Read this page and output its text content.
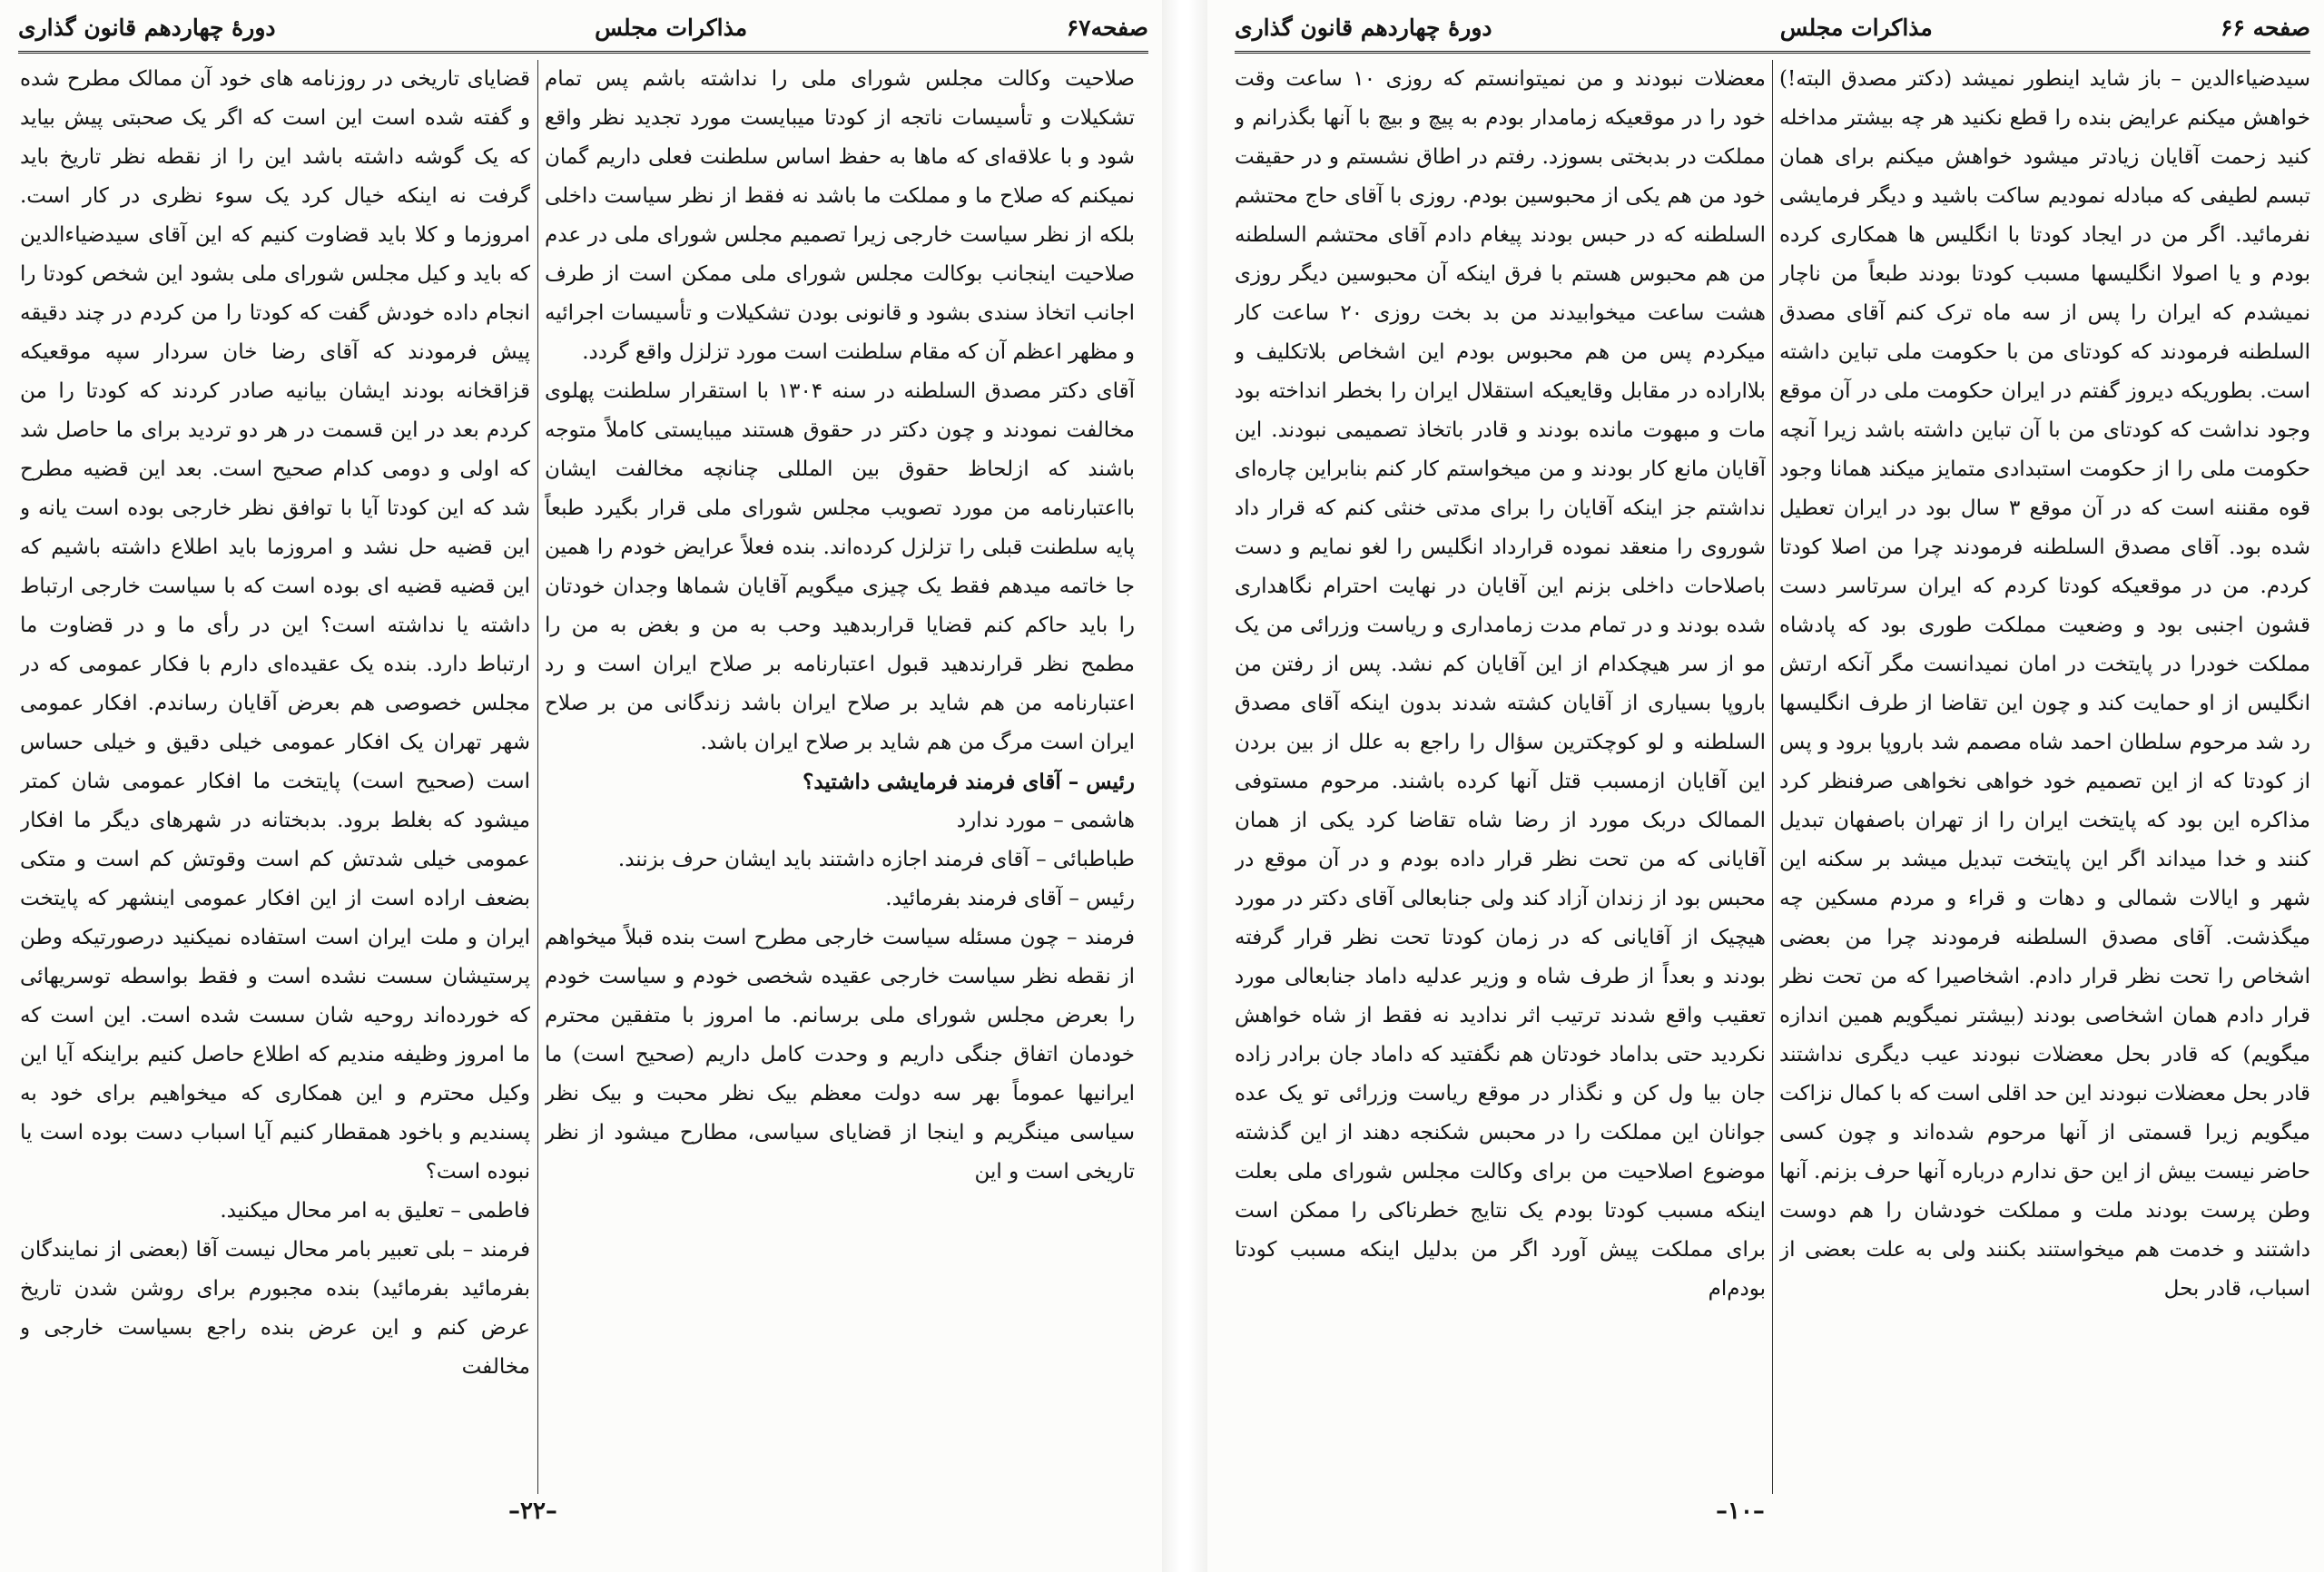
دورهٔ چهاردهم قانون گذاری	مذاکرات مجلس	صفحه۶۷

صلاحیت وکالت مجلس شورای ملی را نداشته باشم پس تمام تشکیلات و تأسیسات ناتجه از کودتا میبایست مورد تجدید نظر واقع شود و با علاقه‌ای که ماها به حفظ اساس سلطنت فعلی داریم گمان نمیکنم که صلاح ما و مملکت ما باشد نه فقط از نظر سیاست داخلی بلکه از نظر سیاست خارجی زیرا تصمیم مجلس شورای ملی در عدم صلاحیت اینجانب بوکالت مجلس شورای ملی ممکن است از طرف اجانب اتخاذ سندی بشود و قانونی بودن تشکیلات و تأسیسات اجرائیه و مظهر اعظم آن که مقام سلطنت است مورد تزلزل واقع گردد.

آقای دکتر مصدق السلطنه در سنه ۱۳۰۴ با استقرار سلطنت پهلوی مخالفت نمودند و چون دکتر در حقوق هستند میبایستی کاملاً متوجه باشند که ازلحاظ حقوق بین المللی چنانچه مخالفت ایشان بااعتبارنامه من مورد تصویب مجلس شورای ملی قرار بگیرد طبعاً پایه سلطنت قبلی را تزلزل کرده‌اند. بنده فعلاً عرایض خودم را همین جا خاتمه میدهم فقط یک چیزی میگویم آقایان شماها وجدان خودتان را باید حاکم کنم قضایا قراربدهید وحب به من و بغض به من را مطمح نظر قرارندهید قبول اعتبارنامه بر صلاح ایران است و رد اعتبارنامه من هم شاید بر صلاح ایران باشد زندگانی من بر صلاح ایران است مرگ من هم شاید بر صلاح ایران باشد.

رئیس – آقای فرمند فرمایشی داشتید؟

هاشمی – مورد ندارد

طباطبائی – آقای فرمند اجازه داشتند باید ایشان حرف بزنند.

رئیس – آقای فرمند بفرمائید.

فرمند – چون مسئله سیاست خارجی مطرح است بنده قبلاً میخواهم از نقطه نظر سیاست خارجی عقیده شخصی خودم و سیاست خودم را بعرض مجلس شورای ملی برسانم. ما امروز با متفقین محترم خودمان اتفاق جنگی داریم و وحدت کامل داریم (صحیح است) ما ایرانیها عموماً بهر سه دولت معظم بیک نظر محبت و بیک نظر سیاسی مینگریم و اینجا از قضایای سیاسی، مطارح میشود از نظر تاریخی است و این

قضایای تاریخی در روزنامه های خود آن ممالک مطرح شده و گفته شده است این است که اگر یک صحبتی پیش بیاید که یک گوشه داشته باشد این را از نقطه نظر تاریخ باید گرفت نه اینکه خیال کرد یک سوء نظری در کار است. امروزما و کلا باید قضاوت کنیم که این آقای سیدضیاءالدین که باید و کیل مجلس شورای ملی بشود این شخص کودتا را انجام داده خودش گفت که کودتا را من کردم در چند دقیقه پیش فرمودند که آقای رضا خان سردار سپه موقعیکه قزاقخانه بودند ایشان بیانیه صادر کردند که کودتا را من کردم بعد در این قسمت در هر دو تردید برای ما حاصل شد که اولی و دومی کدام صحیح است. بعد این قضیه مطرح شد که این کودتا آیا با توافق نظر خارجی بوده است یانه و این قضیه حل نشد و امروزما باید اطلاع داشته باشیم که این قضیه قضیه ای بوده است که با سیاست خارجی ارتباط داشته یا نداشته است؟ این در رأی ما و در قضاوت ما ارتباط دارد. بنده یک عقیده‌ای دارم با فکار عمومی که در مجلس خصوصی هم بعرض آقایان رساندم. افکار عمومی شهر تهران یک افکار عمومی خیلی دقیق و خیلی حساس است (صحیح است) پایتخت ما افکار عمومی شان کمتر میشود که بغلط برود. بدبختانه در شهرهای دیگر ما افکار عمومی خیلی شدتش کم است وقوتش کم است و متکی بضعف اراده است از این افکار عمومی اینشهر که پایتخت ایران و ملت ایران است استفاده نمیکنید درصورتیکه وطن پرستیشان سست نشده است و فقط بواسطه توسریهائی که خورده‌اند روحیه شان سست شده است. این است که ما امروز وظیفه مندیم که اطلاع حاصل کنیم براینکه آیا این وکیل محترم و این همکاری که میخواهیم برای خود به پسندیم و باخود همقطار کنیم آیا اسباب دست بوده است یا نبوده است؟

فاطمی – تعلیق به امر محال میکنید.

فرمند – بلی تعبیر بامر محال نیست آقا (بعضی از نمایندگان بفرمائید بفرمائید) بنده مجبورم برای روشن شدن تاریخ عرض کنم و این عرض بنده راجع بسیاست خارجی و مخالفت

–۲۲–
دورهٔ چهاردهم قانون گذاری	مذاکرات مجلس	صفحه ۶۶

سیدضیاءالدین – باز شاید اینطور نمیشد (دکتر مصدق البته!) خواهش میکنم عرایض بنده را قطع نکنید هر چه بیشتر مداخله کنید زحمت آقایان زیادتر میشود خواهش میکنم برای همان تبسم لطیفی که مبادله نمودیم ساکت باشید و دیگر فرمایشی نفرمائید. اگر من در ایجاد کودتا با انگلیس ها همکاری کرده بودم و یا اصولا انگلیسها مسبب کودتا بودند طبعاً من ناچار نمیشدم که ایران را پس از سه ماه ترک کنم آقای مصدق السلطنه فرمودند که کودتای من با حکومت ملی تباین داشته است. بطوریکه دیروز گفتم در ایران حکومت ملی در آن موقع وجود نداشت که کودتای من با آن تباین داشته باشد زیرا آنچه حکومت ملی را از حکومت استبدادی متمایز میکند همانا وجود قوه مقننه است که در آن موقع ۳ سال بود در ایران تعطیل شده بود. آقای مصدق السلطنه فرمودند چرا من اصلا کودتا کردم. من در موقعیکه کودتا کردم که ایران سرتاسر دست قشون اجنبی بود و وضعیت مملکت طوری بود که پادشاه مملکت خودرا در پایتخت در امان نمیدانست مگر آنکه ارتش انگلیس از او حمایت کند و چون این تقاضا از طرف انگلیسها رد شد مرحوم سلطان احمد شاه مصمم شد باروپا برود و پس از کودتا که از این تصمیم خود خواهی نخواهی صرفنظر کرد مذاکره این بود که پایتخت ایران را از تهران باصفهان تبدیل کنند و خدا میداند اگر این پایتخت تبدیل میشد بر سکنه این شهر و ایالات شمالی و دهات و قراء و مردم مسکین چه میگذشت. آقای مصدق السلطنه فرمودند چرا من بعضی اشخاص را تحت نظر قرار دادم. اشخاصیرا که من تحت نظر قرار دادم همان اشخاصی بودند (بیشتر نمیگویم همین اندازه میگویم) که قادر بحل معضلات نبودند عیب دیگری نداشتند قادر بحل معضلات نبودند این حد اقلی است که با کمال نزاکت میگویم زیرا قسمتی از آنها مرحوم شده‌اند و چون کسی حاضر نیست بیش از این حق ندارم درباره آنها حرف بزنم. آنها وطن پرست بودند ملت و مملکت خودشان را هم دوست داشتند و خدمت هم میخواستند بکنند ولی به علت بعضی از اسباب، قادر بحل

معضلات نبودند و من نمیتوانستم که روزی ۱۰ ساعت وقت خود را در موقعیکه زمامدار بودم به پیچ و بیچ با آنها بگذرانم و مملکت در بدبختی بسوزد. رفتم در اطاق نشستم و در حقیقت خود من هم یکی از محبوسین بودم. روزی با آقای حاج محتشم السلطنه که در حبس بودند پیغام دادم آقای محتشم السلطنه من هم محبوس هستم با فرق اینکه آن محبوسین دیگر روزی هشت ساعت میخوابیدند من بد بخت روزی ۲۰ ساعت کار میکردم پس من هم محبوس بودم این اشخاص بلاتکلیف و بلااراده در مقابل وقایعیکه استقلال ایران را بخطر انداخته بود مات و مبهوت مانده بودند و قادر باتخاذ تصمیمی نبودند. این آقایان مانع کار بودند و من میخواستم کار کنم بنابراین چاره‌ای نداشتم جز اینکه آقایان را برای مدتی خنثی کنم که قرار داد شوروی را منعقد نموده قرارداد انگلیس را لغو نمایم و دست باصلاحات داخلی بزنم این آقایان در نهایت احترام نگاهداری شده بودند و در تمام مدت زمامداری و ریاست وزرائی من یک مو از سر هیچکدام از این آقایان کم نشد. پس از رفتن من باروپا بسیاری از آقایان کشته شدند بدون اینکه آقای مصدق السلطنه و لو کوچکترین سؤال را راجع به علل از بین بردن این آقایان ازمسبب قتل آنها کرده باشند. مرحوم مستوفی الممالک دربک مورد از رضا شاه تقاضا کرد یکی از همان آقایانی که من تحت نظر قرار داده بودم و در آن موقع در محبس بود از زندان آزاد کند ولی جنابعالی آقای دکتر در مورد هیچیک از آقایانی که در زمان کودتا تحت نظر قرار گرفته بودند و بعداً از طرف شاه و وزیر عدلیه داماد جنابعالی مورد تعقیب واقع شدند ترتیب اثر ندادید نه فقط از شاه خواهش نکردید حتی بداماد خودتان هم نگفتید که داماد جان برادر زاده جان بیا ول کن و نگذار در موقع ریاست وزرائی تو یک عده جوانان این مملکت را در محبس شکنجه دهند از این گذشته موضوع اصلاحیت من برای وکالت مجلس شورای ملی بعلت اینکه مسبب کودتا بودم یک نتایج خطرناکی را ممکن است برای مملکت پیش آورد اگر من بدلیل اینکه مسبب کودتا بودم‌ام

–۱۰–
